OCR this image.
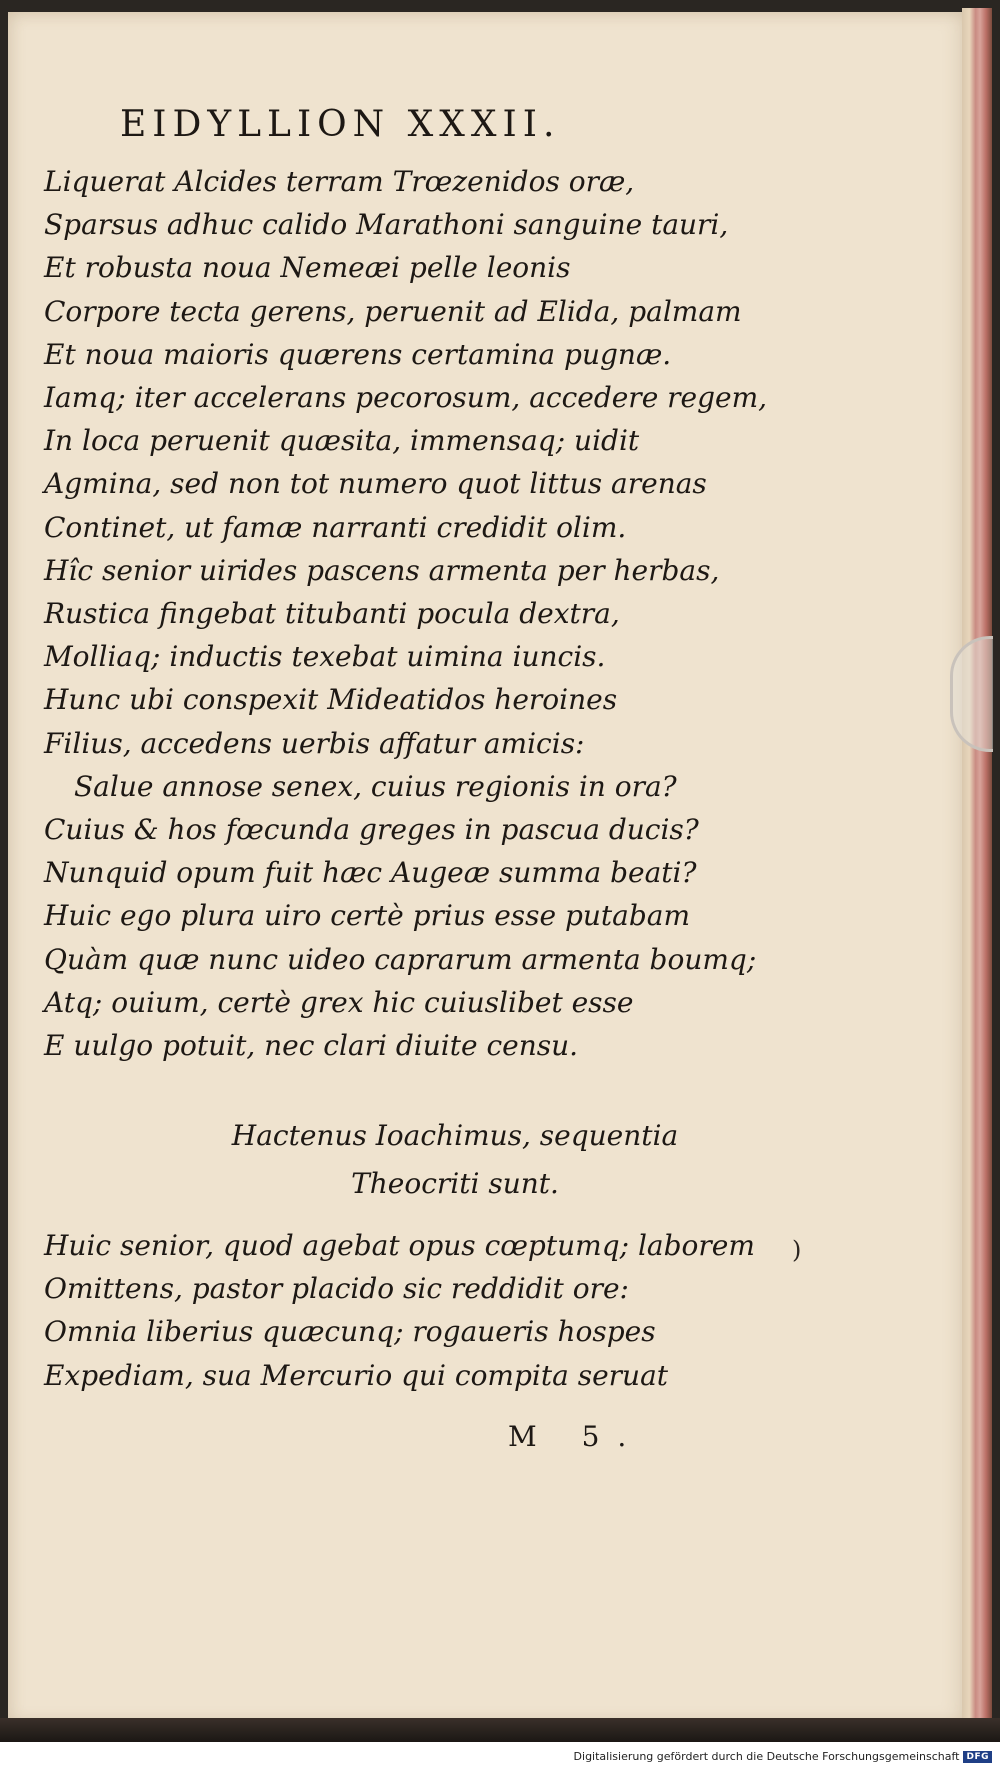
EIDYLLION XXXII.
Liquerat Alcides terram Trœzenidos oræ,
Sparsus adhuc calido Marathoni sanguine tauri,
Et robusta noua Nemeæi pelle leonis
Corpore tecta gerens, peruenit ad Elida, palmam
Et noua maioris quærens certamina pugnæ.
Iamq; iter accelerans pecorosum, accedere regem,
In loca peruenit quæsita, immensaq; uidit
Agmina, sed non tot numero quot littus arenas
Continet, ut famæ narranti credidit olim.
Hîc senior uirides pascens armenta per herbas,
Rustica fingebat titubanti pocula dextra,
Molliaq; inductis texebat uimina iuncis.
Hunc ubi conspexit Mideatidos heroines
Filius, accedens uerbis affatur amicis:
Salue annose senex, cuius regionis in ora?
Cuius & hos fœcunda greges in pascua ducis?
Nunquid opum fuit hæc Augeæ summa beati?
Huic ego plura uiro certè prius esse putabam
Quàm quæ nunc uideo caprarum armenta boumq;
Atq; ouium, certè grex hic cuiuslibet esse
E uulgo potuit, nec clari diuite censu.
Hactenus Ioachimus, sequentia
Theocriti sunt.
Huic senior, quod agebat opus cœptumq; laborem
Omittens, pastor placido sic reddidit ore:
Omnia liberius quæcunq; rogaueris hospes
Expediam, sua Mercurio qui compita seruat
)
M 5.
Digitalisierung gefördert durch die Deutsche Forschungsgemeinschaft DFG
